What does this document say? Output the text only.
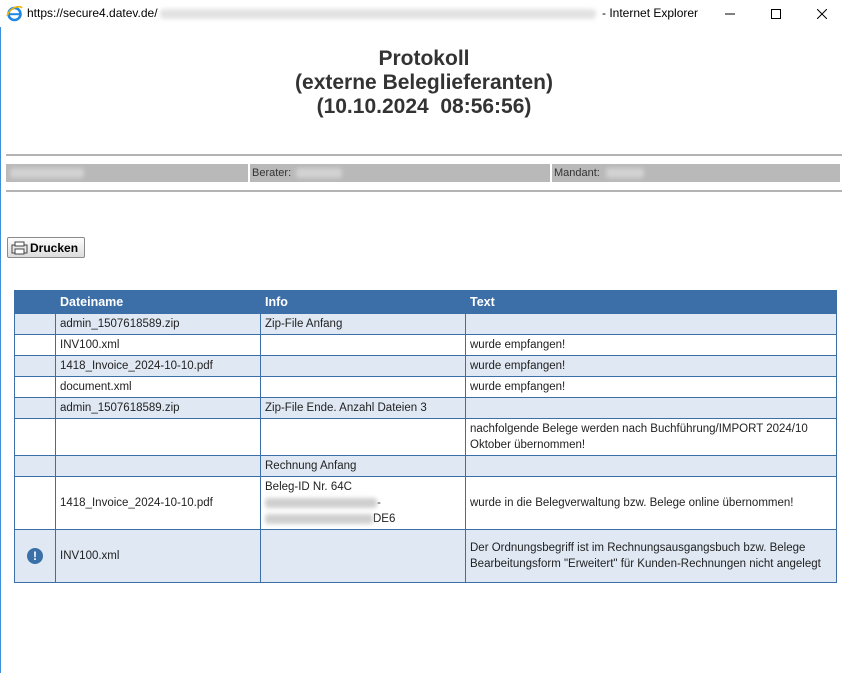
https://secure4.datev.de/	- Internet Explorer
Protokoll
(externe Beleglieferanten)
(10.10.2024  08:56:56)
Berater:	Mandant:
Drucken
	Dateiname	Info	Text
	admin_1507618589.zip	Zip-File Anfang	
	INV100.xml		wurde empfangen!
	1418_Invoice_2024-10-10.pdf		wurde empfangen!
	document.xml		wurde empfangen!
	admin_1507618589.zip	Zip-File Ende. Anzahl Dateien 3	
			nachfolgende Belege werden nach Buchführung/IMPORT 2024/10 Oktober übernommen!
		Rechnung Anfang	
	1418_Invoice_2024-10-10.pdf	Beleg-ID Nr. 64C-
DE6	wurde in die Belegverwaltung bzw. Belege online übernommen!
!	INV100.xml		Der Ordnungsbegriff ist im Rechnungsausgangsbuch bzw. Belege Bearbeitungsform "Erweitert" für Kunden-Rechnungen nicht angelegt
